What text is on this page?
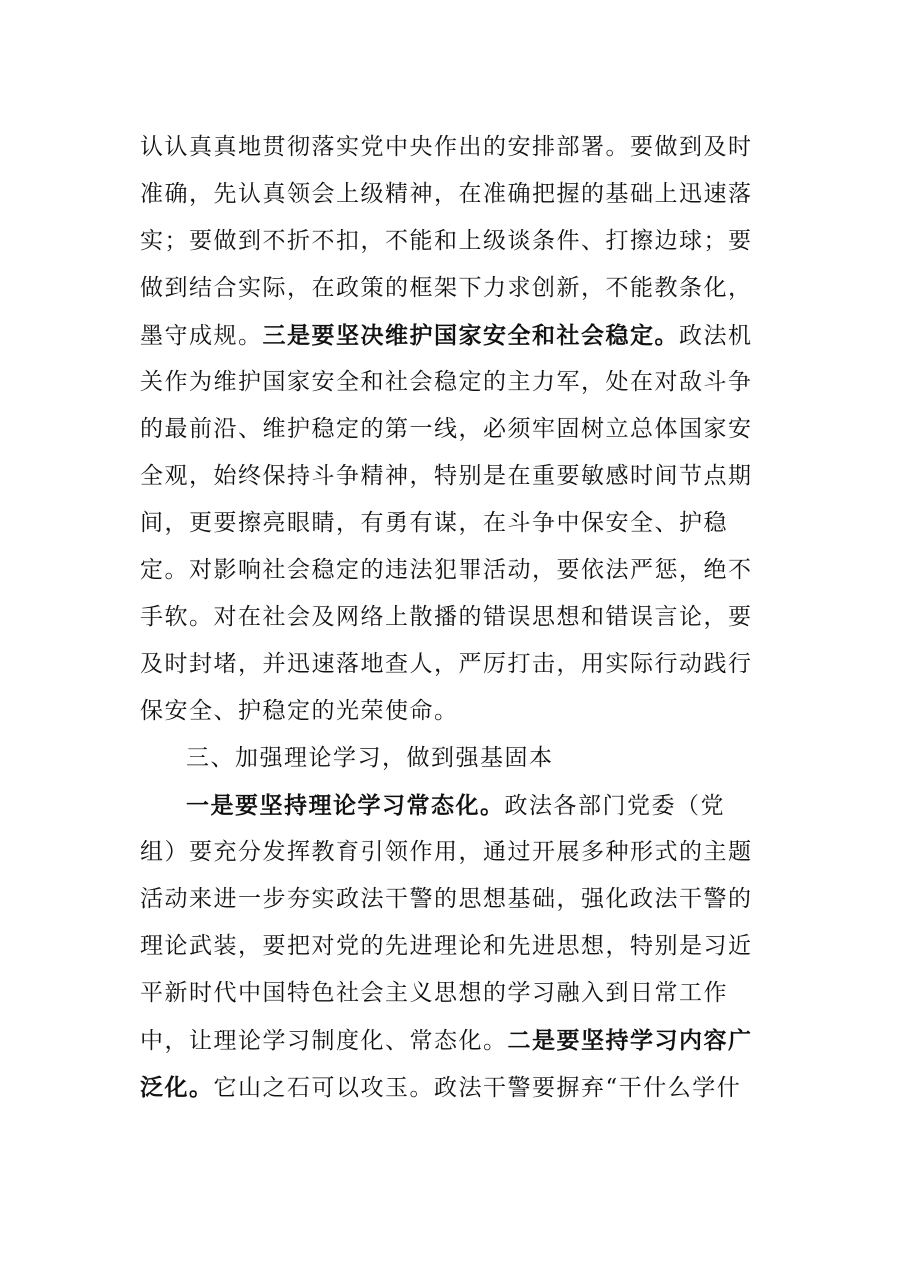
认认真真地贯彻落实党中央作出的安排部署。要做到及时
准确，先认真领会上级精神，在准确把握的基础上迅速落
实；要做到不折不扣，不能和上级谈条件、打擦边球；要
做到结合实际，在政策的框架下力求创新，不能教条化，
墨守成规。三是要坚决维护国家安全和社会稳定。政法机
关作为维护国家安全和社会稳定的主力军，处在对敌斗争
的最前沿、维护稳定的第一线，必须牢固树立总体国家安
全观，始终保持斗争精神，特别是在重要敏感时间节点期
间，更要擦亮眼睛，有勇有谋，在斗争中保安全、护稳
定。对影响社会稳定的违法犯罪活动，要依法严惩，绝不
手软。对在社会及网络上散播的错误思想和错误言论，要
及时封堵，并迅速落地查人，严厉打击，用实际行动践行
保安全、护稳定的光荣使命。
三、加强理论学习，做到强基固本
一是要坚持理论学习常态化。政法各部门党委（党
组）要充分发挥教育引领作用，通过开展多种形式的主题
活动来进一步夯实政法干警的思想基础，强化政法干警的
理论武装，要把对党的先进理论和先进思想，特别是习近
平新时代中国特色社会主义思想的学习融入到日常工作
中，让理论学习制度化、常态化。二是要坚持学习内容广
泛化。它山之石可以攻玉。政法干警要摒弃“干什么学什
